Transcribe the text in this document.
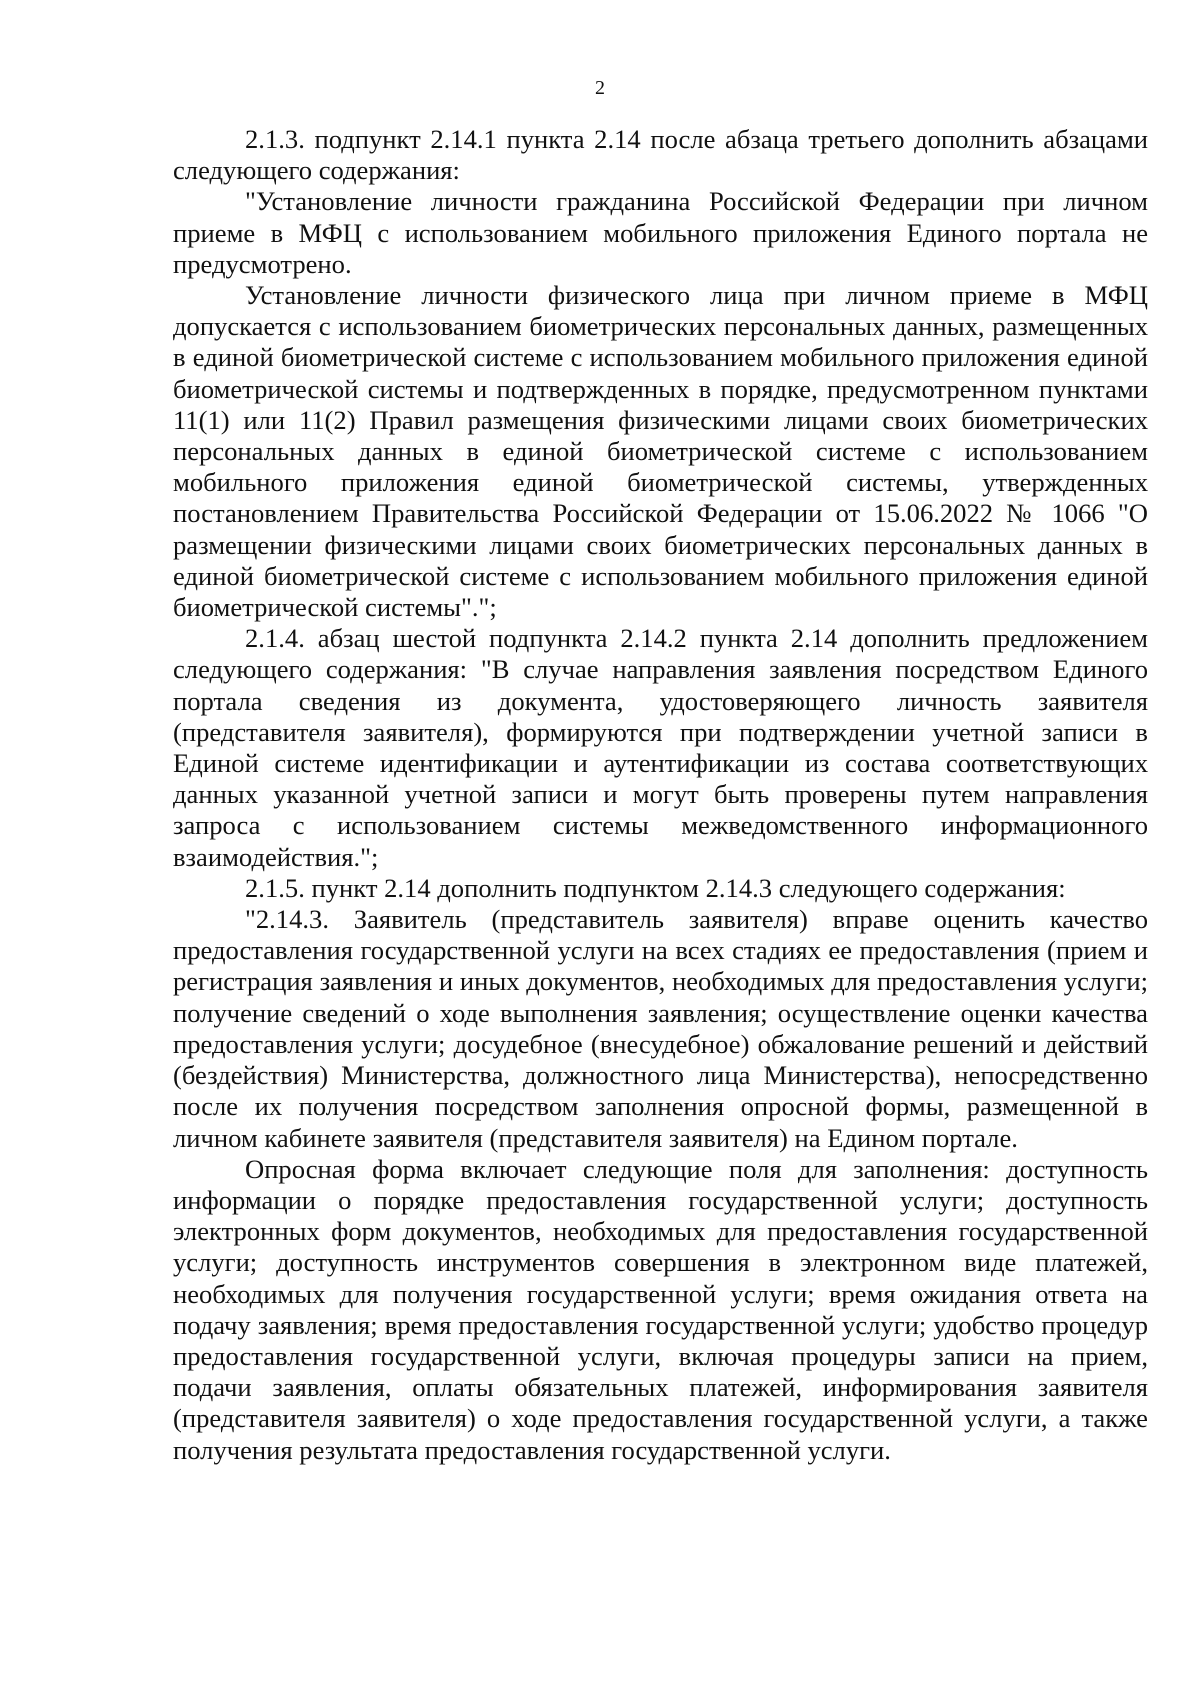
2

2.1.3. подпункт 2.14.1 пункта 2.14 после абзаца третьего дополнить абзацами следующего содержания:

"Установление личности гражданина Российской Федерации при личном приеме в МФЦ с использованием мобильного приложения Единого портала не предусмотрено.

Установление личности физического лица при личном приеме в МФЦ допускается с использованием биометрических персональных данных, размещенных в единой биометрической системе с использованием мобильного приложения единой биометрической системы и подтвержденных в порядке, предусмотренном пунктами 11(1) или 11(2) Правил размещения физическими лицами своих биометрических персональных данных в единой биометрической системе с использованием мобильного приложения единой биометрической системы, утвержденных постановлением Правительства Российской Федерации от 15.06.2022 № 1066 "О размещении физическими лицами своих биометрических персональных данных в единой биометрической системе с использованием мобильного приложения единой биометрической системы".";

2.1.4. абзац шестой подпункта 2.14.2 пункта 2.14 дополнить предложением следующего содержания: "В случае направления заявления посредством Единого портала сведения из документа, удостоверяющего личность заявителя (представителя заявителя), формируются при подтверждении учетной записи в Единой системе идентификации и аутентификации из состава соответствующих данных указанной учетной записи и могут быть проверены путем направления запроса с использованием системы межведомственного информационного взаимодействия.";

2.1.5. пункт 2.14 дополнить подпунктом 2.14.3 следующего содержания:

"2.14.3. Заявитель (представитель заявителя) вправе оценить качество предоставления государственной услуги на всех стадиях ее предоставления (прием и регистрация заявления и иных документов, необходимых для предоставления услуги; получение сведений о ходе выполнения заявления; осуществление оценки качества предоставления услуги; досудебное (внесудебное) обжалование решений и действий (бездействия) Министерства, должностного лица Министерства), непосредственно после их получения посредством заполнения опросной формы, размещенной в личном кабинете заявителя (представителя заявителя) на Едином портале.

Опросная форма включает следующие поля для заполнения: доступность информации о порядке предоставления государственной услуги; доступность электронных форм документов, необходимых для предоставления государственной услуги; доступность инструментов совершения в электронном виде платежей, необходимых для получения государственной услуги; время ожидания ответа на подачу заявления; время предоставления государственной услуги; удобство процедур предоставления государственной услуги, включая процедуры записи на прием, подачи заявления, оплаты обязательных платежей, информирования заявителя (представителя заявителя) о ходе предоставления государственной услуги, а также получения результата предоставления государственной услуги.
